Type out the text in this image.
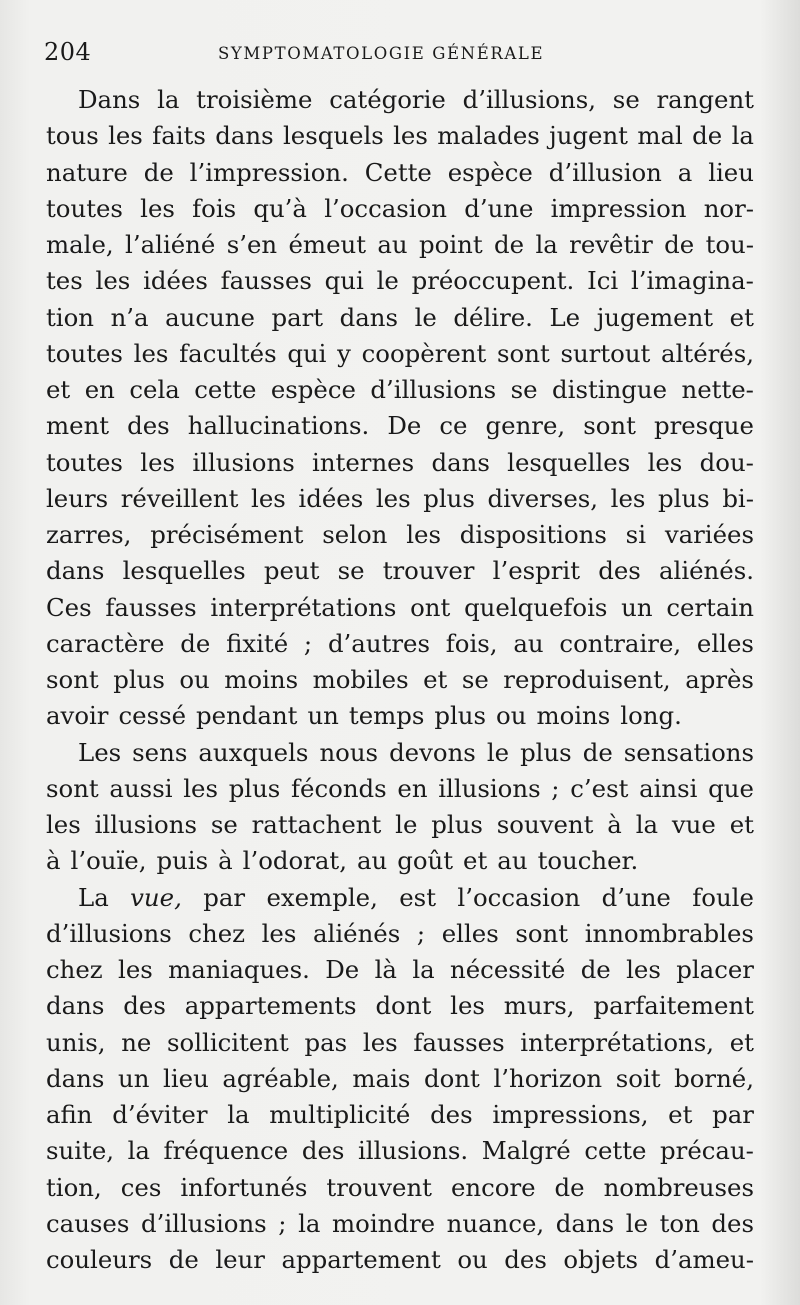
204	SYMPTOMATOLOGIE GÉNÉRALE
Dans la troisième catégorie d’illusions, se rangent
tous les faits dans lesquels les malades jugent mal de la
nature de l’impression. Cette espèce d’illusion a lieu
toutes les fois qu’à l’occasion d’une impression nor-
male, l’aliéné s’en émeut au point de la revêtir de tou-
tes les idées fausses qui le préoccupent. Ici l’imagina-
tion n’a aucune part dans le délire. Le jugement et
toutes les facultés qui y coopèrent sont surtout altérés,
et en cela cette espèce d’illusions se distingue nette-
ment des hallucinations. De ce genre, sont presque
toutes les illusions internes dans lesquelles les dou-
leurs réveillent les idées les plus diverses, les plus bi-
zarres, précisément selon les dispositions si variées
dans lesquelles peut se trouver l’esprit des aliénés.
Ces fausses interprétations ont quelquefois un certain
caractère de fixité ; d’autres fois, au contraire, elles
sont plus ou moins mobiles et se reproduisent, après
avoir cessé pendant un temps plus ou moins long.
Les sens auxquels nous devons le plus de sensations
sont aussi les plus féconds en illusions ; c’est ainsi que
les illusions se rattachent le plus souvent à la vue et
à l’ouïe, puis à l’odorat, au goût et au toucher.
La vue, par exemple, est l’occasion d’une foule
d’illusions chez les aliénés ; elles sont innombrables
chez les maniaques. De là la nécessité de les placer
dans des appartements dont les murs, parfaitement
unis, ne sollicitent pas les fausses interprétations, et
dans un lieu agréable, mais dont l’horizon soit borné,
afin d’éviter la multiplicité des impressions, et par
suite, la fréquence des illusions. Malgré cette précau-
tion, ces infortunés trouvent encore de nombreuses
causes d’illusions ; la moindre nuance, dans le ton des
couleurs de leur appartement ou des objets d’ameu-
